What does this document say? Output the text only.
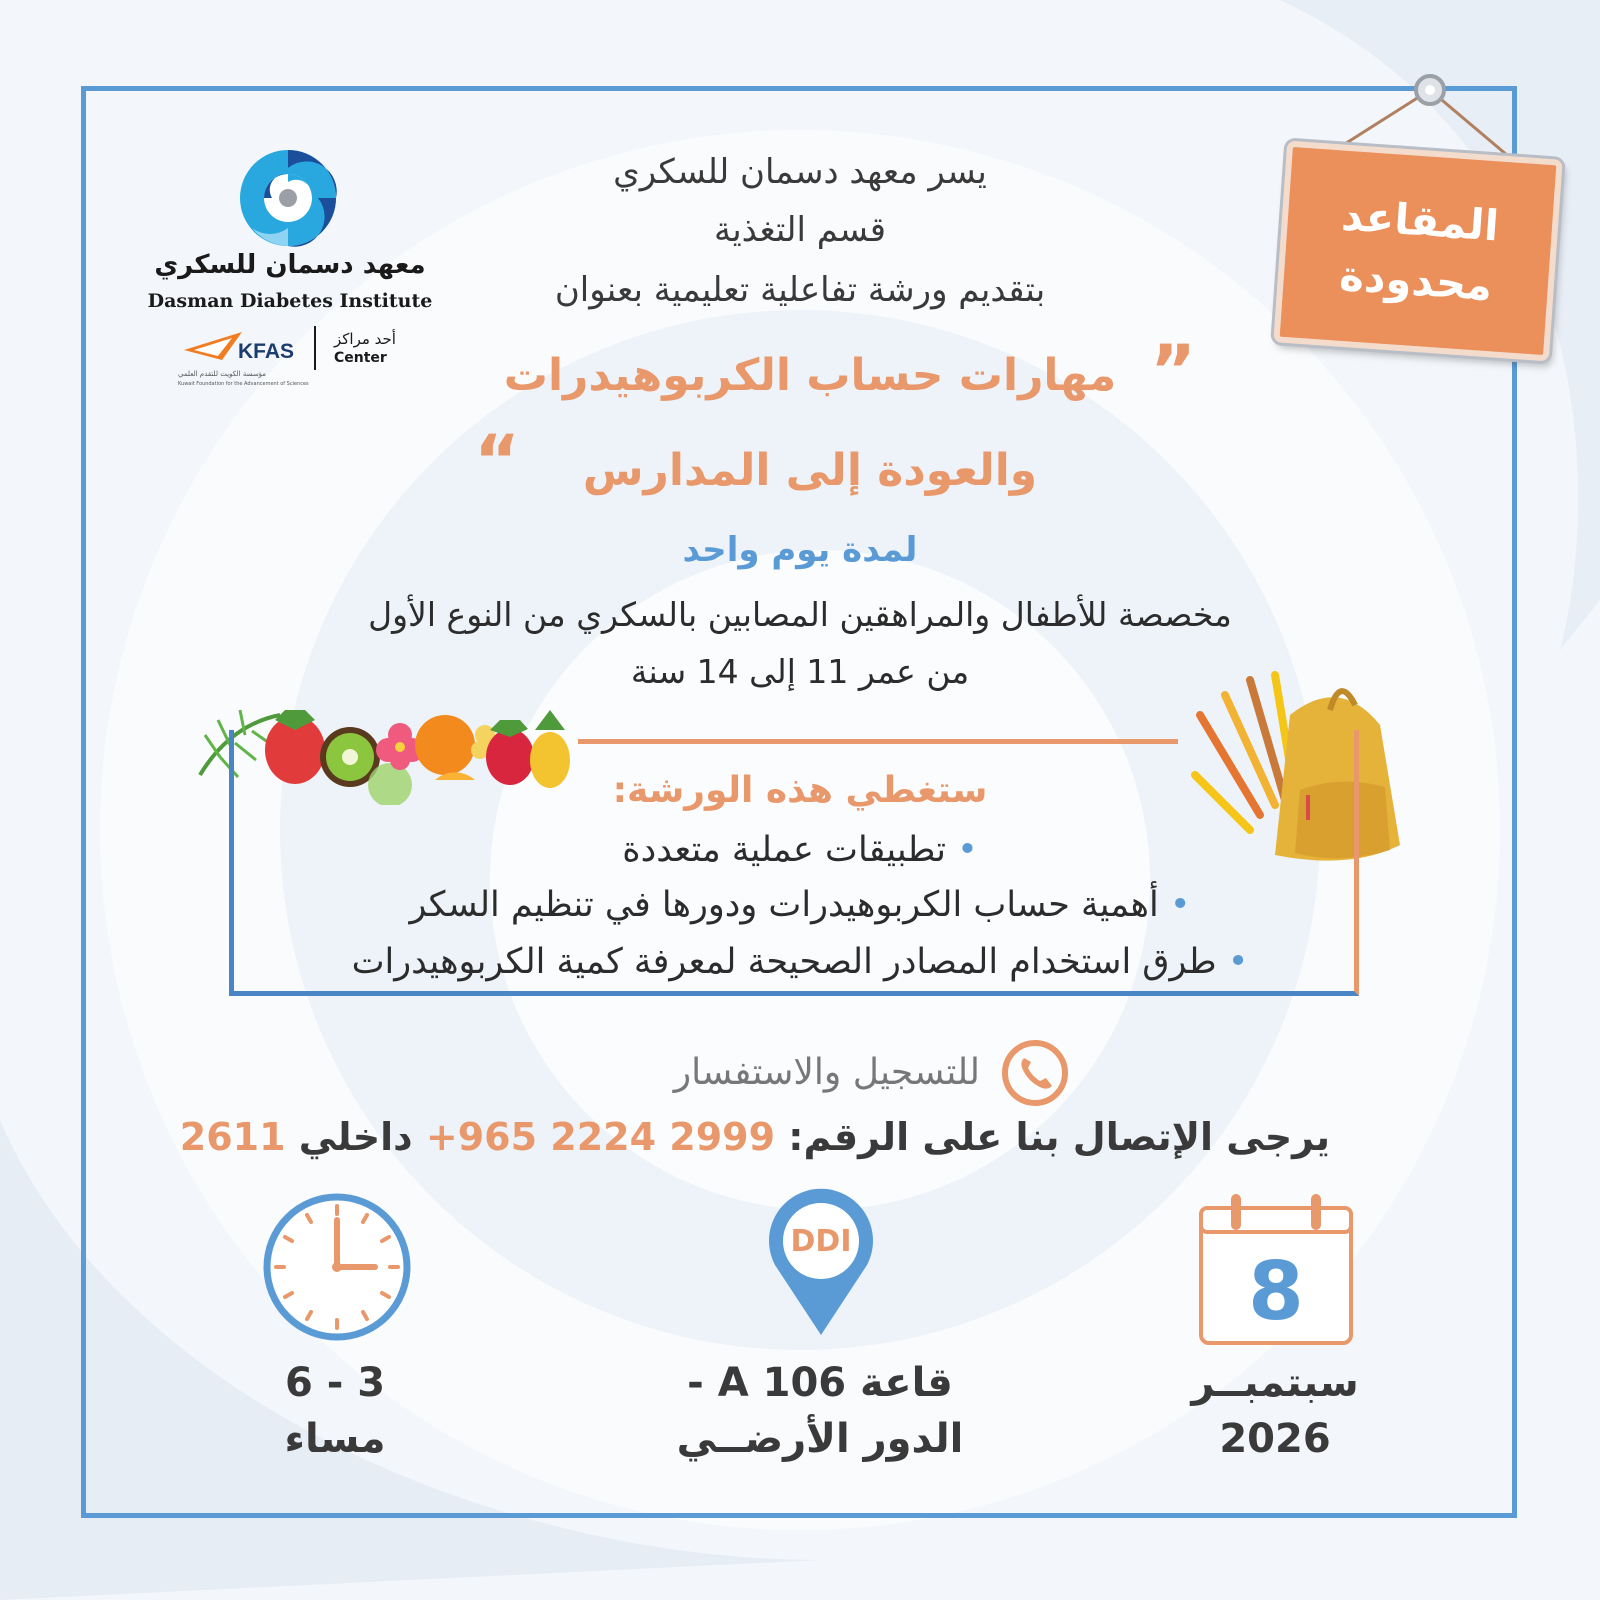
معهد دسمان للسكري
Dasman Diabetes Institute
KFAS
مؤسسة الكويت للتقدم العلمي
Kuwait Foundation for the Advancement of Sciences
أحد مراكز
Center
المقاعد
محدودة
يسر معهد دسمان للسكري
قسم التغذية
بتقديم ورشة تفاعلية تعليمية بعنوان
”
مهارات حساب الكربوهيدرات
والعودة إلى المدارس
“
لمدة يوم واحد
مخصصة للأطفال والمراهقين المصابين بالسكري من النوع الأول
من عمر 11 إلى 14 سنة
ستغطي هذه الورشة:
• تطبيقات عملية متعددة
• أهمية حساب الكربوهيدرات ودورها في تنظيم السكر
• طرق استخدام المصادر الصحيحة لمعرفة كمية الكربوهيدرات
للتسجيل والاستفسار
يرجى الإتصال بنا على الرقم: +965 2224 2999 داخلي 2611
8
سبتمبــر
2026
DDI
قاعة 106 A -
الدور الأرضــي
6 - 3
مساء
